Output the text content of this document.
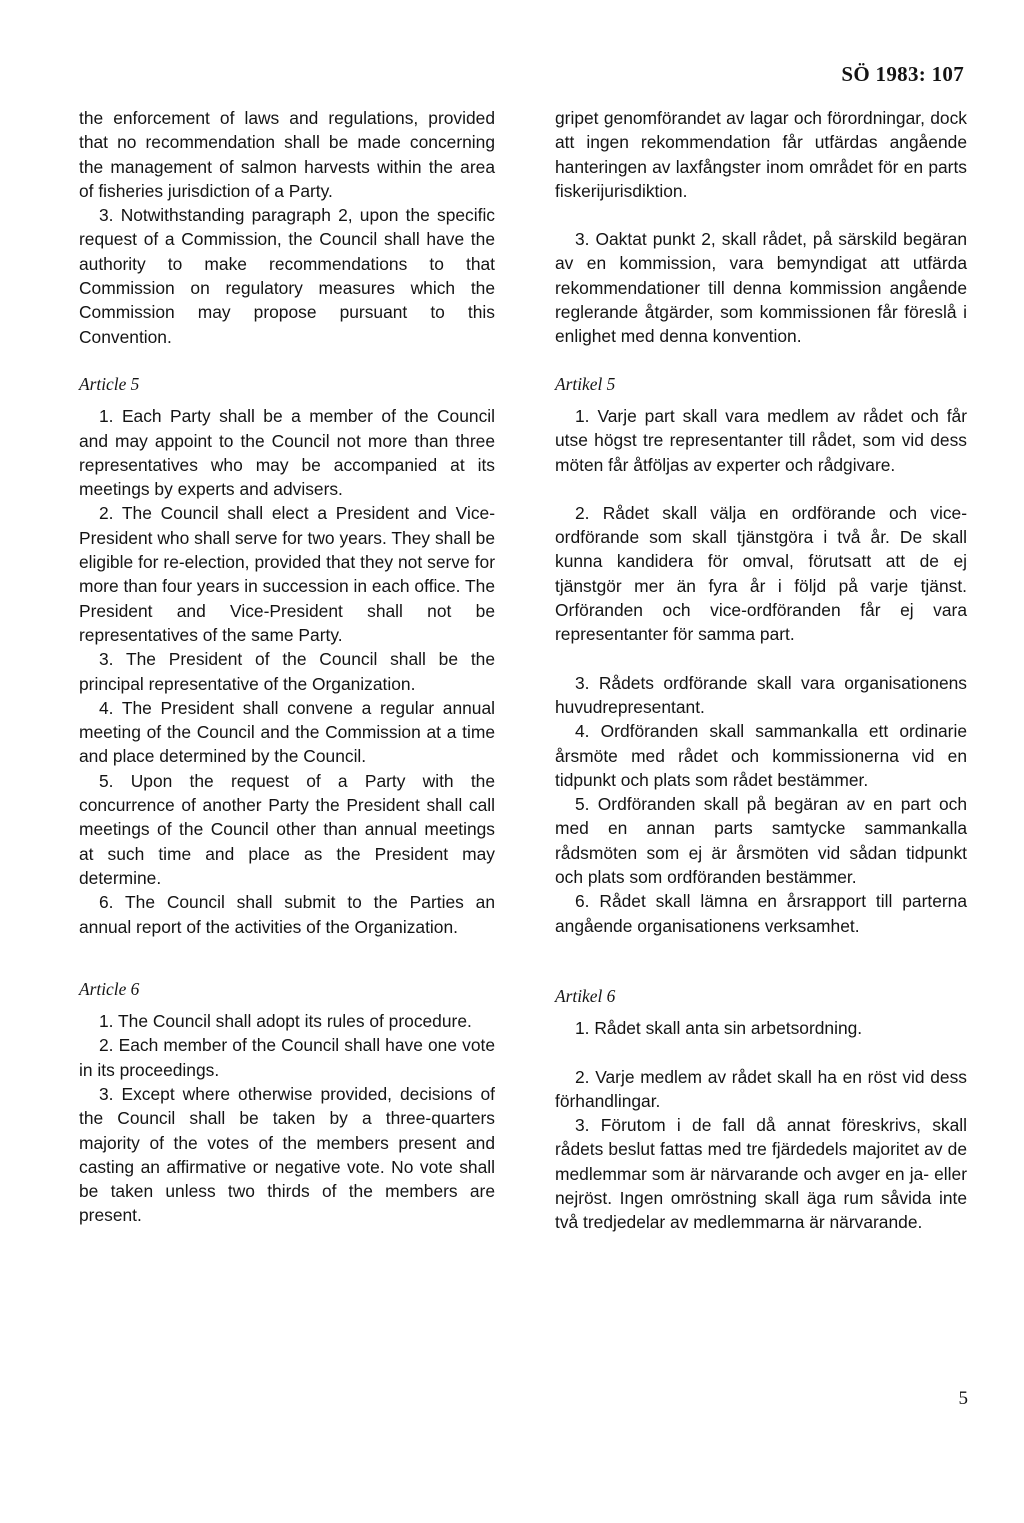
SÖ 1983: 107

the enforcement of laws and regulations, provided that no recommendation shall be made concerning the management of salmon harvests within the area of fisheries jurisdiction of a Party.

3. Notwithstanding paragraph 2, upon the specific request of a Commission, the Council shall have the authority to make recommendations to that Commission on regulatory measures which the Commission may propose pursuant to this Convention.

Article 5

1. Each Party shall be a member of the Council and may appoint to the Council not more than three representatives who may be accompanied at its meetings by experts and advisers.

2. The Council shall elect a President and Vice-President who shall serve for two years. They shall be eligible for re-election, provided that they not serve for more than four years in succession in each office. The President and Vice-President shall not be representatives of the same Party.

3. The President of the Council shall be the principal representative of the Organization.

4. The President shall convene a regular annual meeting of the Council and the Commission at a time and place determined by the Council.

5. Upon the request of a Party with the concurrence of another Party the President shall call meetings of the Council other than annual meetings at such time and place as the President may determine.

6. The Council shall submit to the Parties an annual report of the activities of the Organization.

Article 6

1. The Council shall adopt its rules of procedure.

2. Each member of the Council shall have one vote in its proceedings.

3. Except where otherwise provided, decisions of the Council shall be taken by a three-quarters majority of the votes of the members present and casting an affirmative or negative vote. No vote shall be taken unless two thirds of the members are present.

gripet genomförandet av lagar och förordningar, dock att ingen rekommendation får utfärdas angående hanteringen av laxfångster inom området för en parts fiskerijurisdiktion.

3. Oaktat punkt 2, skall rådet, på särskild begäran av en kommission, vara bemyndigat att utfärda rekommendationer till denna kommission angående reglerande åtgärder, som kommissionen får föreslå i enlighet med denna konvention.

Artikel 5

1. Varje part skall vara medlem av rådet och får utse högst tre representanter till rådet, som vid dess möten får åtföljas av experter och rådgivare.

2. Rådet skall välja en ordförande och vice-ordförande som skall tjänstgöra i två år. De skall kunna kandidera för omval, förutsatt att de ej tjänstgör mer än fyra år i följd på varje tjänst. Orföranden och vice-ordföranden får ej vara representanter för samma part.

3. Rådets ordförande skall vara organisationens huvudrepresentant.

4. Ordföranden skall sammankalla ett ordinarie årsmöte med rådet och kommissionerna vid en tidpunkt och plats som rådet bestämmer.

5. Ordföranden skall på begäran av en part och med en annan parts samtycke sammankalla rådsmöten som ej är årsmöten vid sådan tidpunkt och plats som ordföranden bestämmer.

6. Rådet skall lämna en årsrapport till parterna angående organisationens verksamhet.

Artikel 6

1. Rådet skall anta sin arbetsordning.

2. Varje medlem av rådet skall ha en röst vid dess förhandlingar.

3. Förutom i de fall då annat föreskrivs, skall rådets beslut fattas med tre fjärdedels majoritet av de medlemmar som är närvarande och avger en ja- eller nejröst. Ingen omröstning skall äga rum såvida inte två tredjedelar av medlemmarna är närvarande.

5
